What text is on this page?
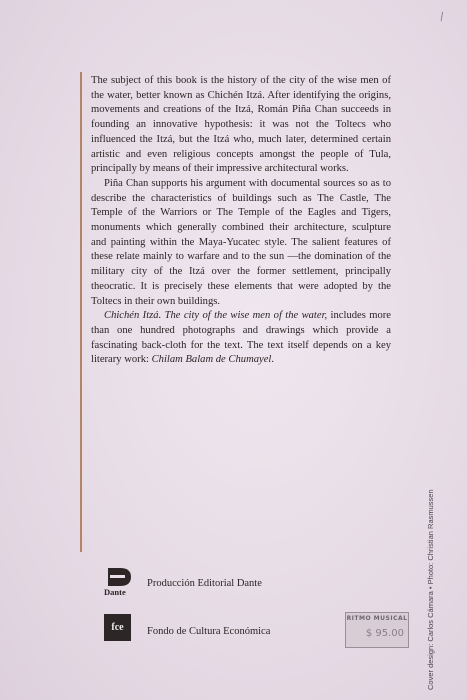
/

The subject of this book is the history of the city of the wise men of the water, better known as Chichén Itzá. After identifying the origins, movements and creations of the Itzá, Román Piña Chan succeeds in founding an innovative hypothesis: it was not the Toltecs who influenced the Itzá, but the Itzá who, much later, determined certain artistic and even religious concepts amongst the people of Tula, principally by means of their impressive architectural works.

Piña Chan supports his argument with documental sources so as to describe the characteristics of buildings such as The Castle, The Temple of the Warriors or The Temple of the Eagles and Tigers, monuments which generally combined their architecture, sculpture and painting within the Maya-Yucatec style. The salient features of these relate mainly to warfare and to the sun —the domination of the military city of the Itzá over the former settlement, principally theocratic. It is precisely these elements that were adopted by the Toltecs in their own buildings.

Chichén Itzá. The city of the wise men of the water, includes more than one hundred photographs and drawings which provide a fascinating back-cloth for the text. The text itself depends on a key literary work: Chilam Balam de Chumayel.

Dante
Producción Editorial Dante
fce	Fondo de Cultura Económica
RITMO MUSICAL
$ 95.00	Cover design: Carlos Cámara • Photo: Christian Rasmussen
